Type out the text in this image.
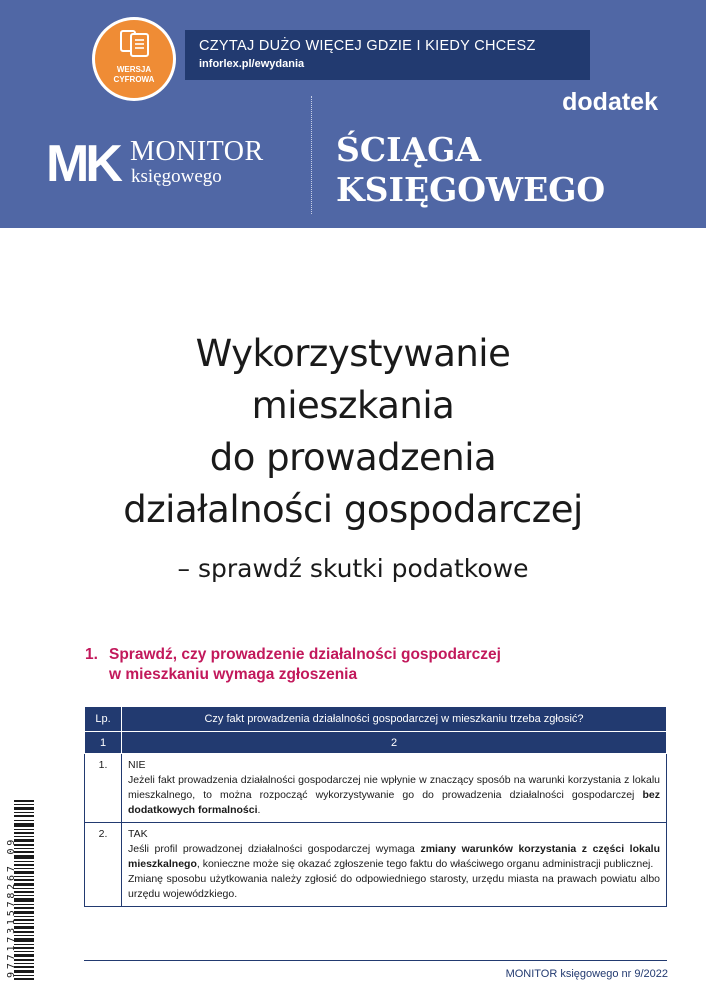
CZYTAJ DUŻO WIĘCEJ GDZIE I KIEDY CHCESZ
inforlex.pl/ewydania
WERSJA
CYFROWA
MK MONITOR
księgowego
dodatek
ŚCIĄGA
KSIĘGOWEGO
Wykorzystywanie
mieszkania
do prowadzenia
działalności gospodarczej
– sprawdź skutki podatkowe
1. Sprawdź, czy prowadzenie działalności gospodarczej
w mieszkaniu wymaga zgłoszenia
Lp.	Czy fakt prowadzenia działalności gospodarczej w mieszkaniu trzeba zgłosić?
1	2
1.	NIE
Jeżeli fakt prowadzenia działalności gospodarczej nie wpłynie w znaczący sposób na warunki korzystania z lokalu mieszkalnego, to można rozpocząć wykorzystywanie go do prowadzenia działalności gospodarczej bez dodatkowych formalności.

2.	TAK
Jeśli profil prowadzonej działalności gospodarczej wymaga zmiany warunków korzystania z części lokalu mieszkalnego, konieczne może się okazać zgłoszenie tego faktu do właściwego organu administracji publicznej.
Zmianę sposobu użytkowania należy zgłosić do odpowiedniego starosty, urzędu miasta na prawach powiatu albo urzędu wojewódzkiego.
9771731578267 09	MONITOR księgowego nr 9/2022
